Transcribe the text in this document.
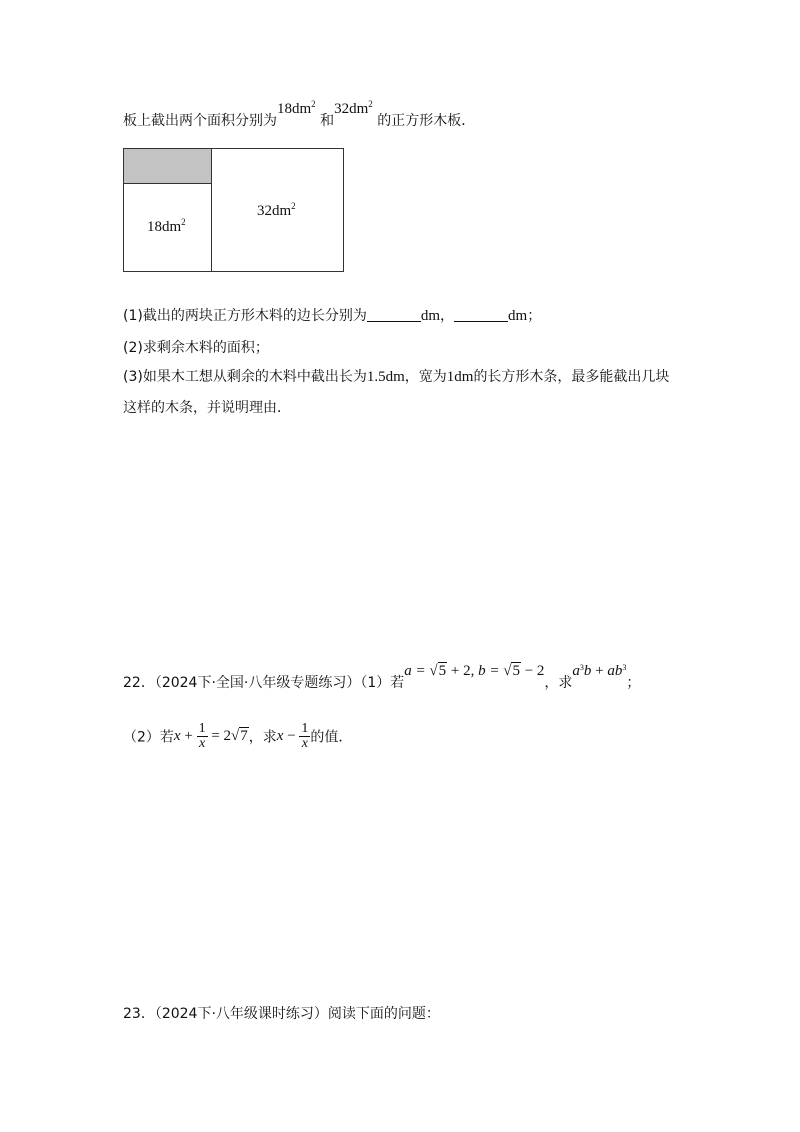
板上截出两个面积分别为$18dm^2$ 和$32dm^2$ 的正方形木板．
$18dm^2$
$32dm^2$
(1)截出的两块正方形木料的边长分别为	dm，	dm；
(2)求剩余木料的面积；
(3)如果木工想从剩余的木料中截出长为1.5dm，宽为1dm的长方形木条，最多能截出几块
这样的木条，并说明理由．
22．（2024下·全国·八年级专题练习）（1）若a = √5 + 2, b = √5 − 2，求$a^3b + ab^3$；
（2）若$x + \frac{1}{x} = 2√7$，求$x - \frac{1}{x}$ 的值．
23．（2024下·八年级课时练习）阅读下面的问题：
